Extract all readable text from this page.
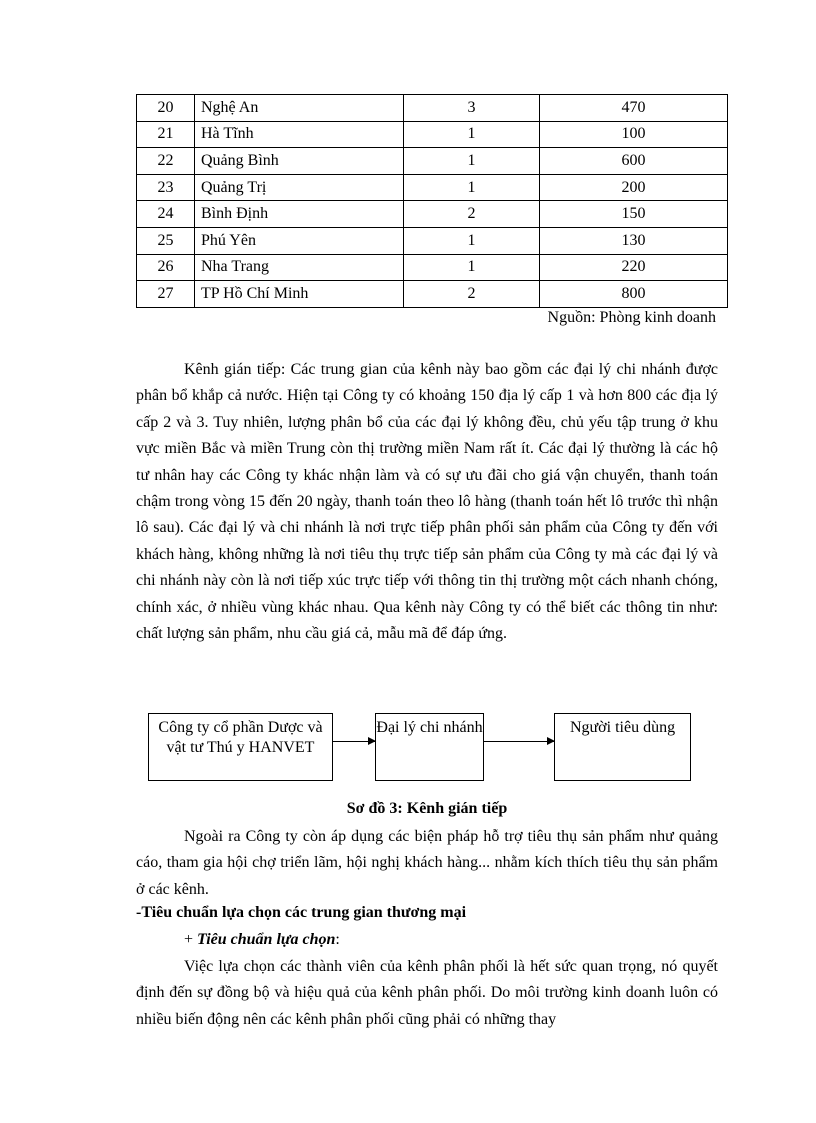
20	Nghệ An	3	470
21	Hà Tĩnh	1	100
22	Quảng Bình	1	600
23	Quảng Trị	1	200
24	Bình Định	2	150
25	Phú Yên	1	130
26	Nha Trang	1	220
27	TP Hồ Chí Minh	2	800
Nguồn: Phòng kinh doanh

Kênh gián tiếp: Các trung gian của kênh này bao gồm các đại lý chi nhánh được phân bổ khắp cả nước. Hiện tại Công ty có khoảng 150 địa lý cấp 1 và hơn 800 các địa lý cấp 2 và 3. Tuy nhiên, lượng phân bổ của các đại lý không đều, chủ yếu tập trung ở khu vực miền Bắc và miền Trung còn thị trường miền Nam rất ít. Các đại lý thường là các hộ tư nhân hay các Công ty khác nhận làm và có sự ưu đãi cho giá vận chuyển, thanh toán chậm trong vòng 15 đến 20 ngày, thanh toán theo lô hàng (thanh toán hết lô trước thì nhận lô sau). Các đại lý và chi nhánh là nơi trực tiếp phân phối sản phẩm của Công ty đến với khách hàng, không những là nơi tiêu thụ trực tiếp sản phẩm của Công ty mà các đại lý và chi nhánh này còn là nơi tiếp xúc trực tiếp với thông tin thị trường một cách nhanh chóng, chính xác, ở nhiều vùng khác nhau. Qua kênh này Công ty có thể biết các thông tin như: chất lượng sản phẩm, nhu cầu giá cả, mẫu mã để đáp ứng.

Công ty cổ phần Dược và vật tư Thú y HANVET
Đại lý chi nhánh	Người tiêu dùng
Sơ đồ 3: Kênh gián tiếp

Ngoài ra Công ty còn áp dụng các biện pháp hỗ trợ tiêu thụ sản phẩm như quảng cáo, tham gia hội chợ triển lãm, hội nghị khách hàng... nhằm kích thích tiêu thụ sản phẩm ở các kênh.

-Tiêu chuẩn lựa chọn các trung gian thương mại
+ Tiêu chuẩn lựa chọn:

Việc lựa chọn các thành viên của kênh phân phối là hết sức quan trọng, nó quyết định đến sự đồng bộ và hiệu quả của kênh phân phối. Do môi trường kinh doanh luôn có nhiều biến động nên các kênh phân phối cũng phải có những thay
